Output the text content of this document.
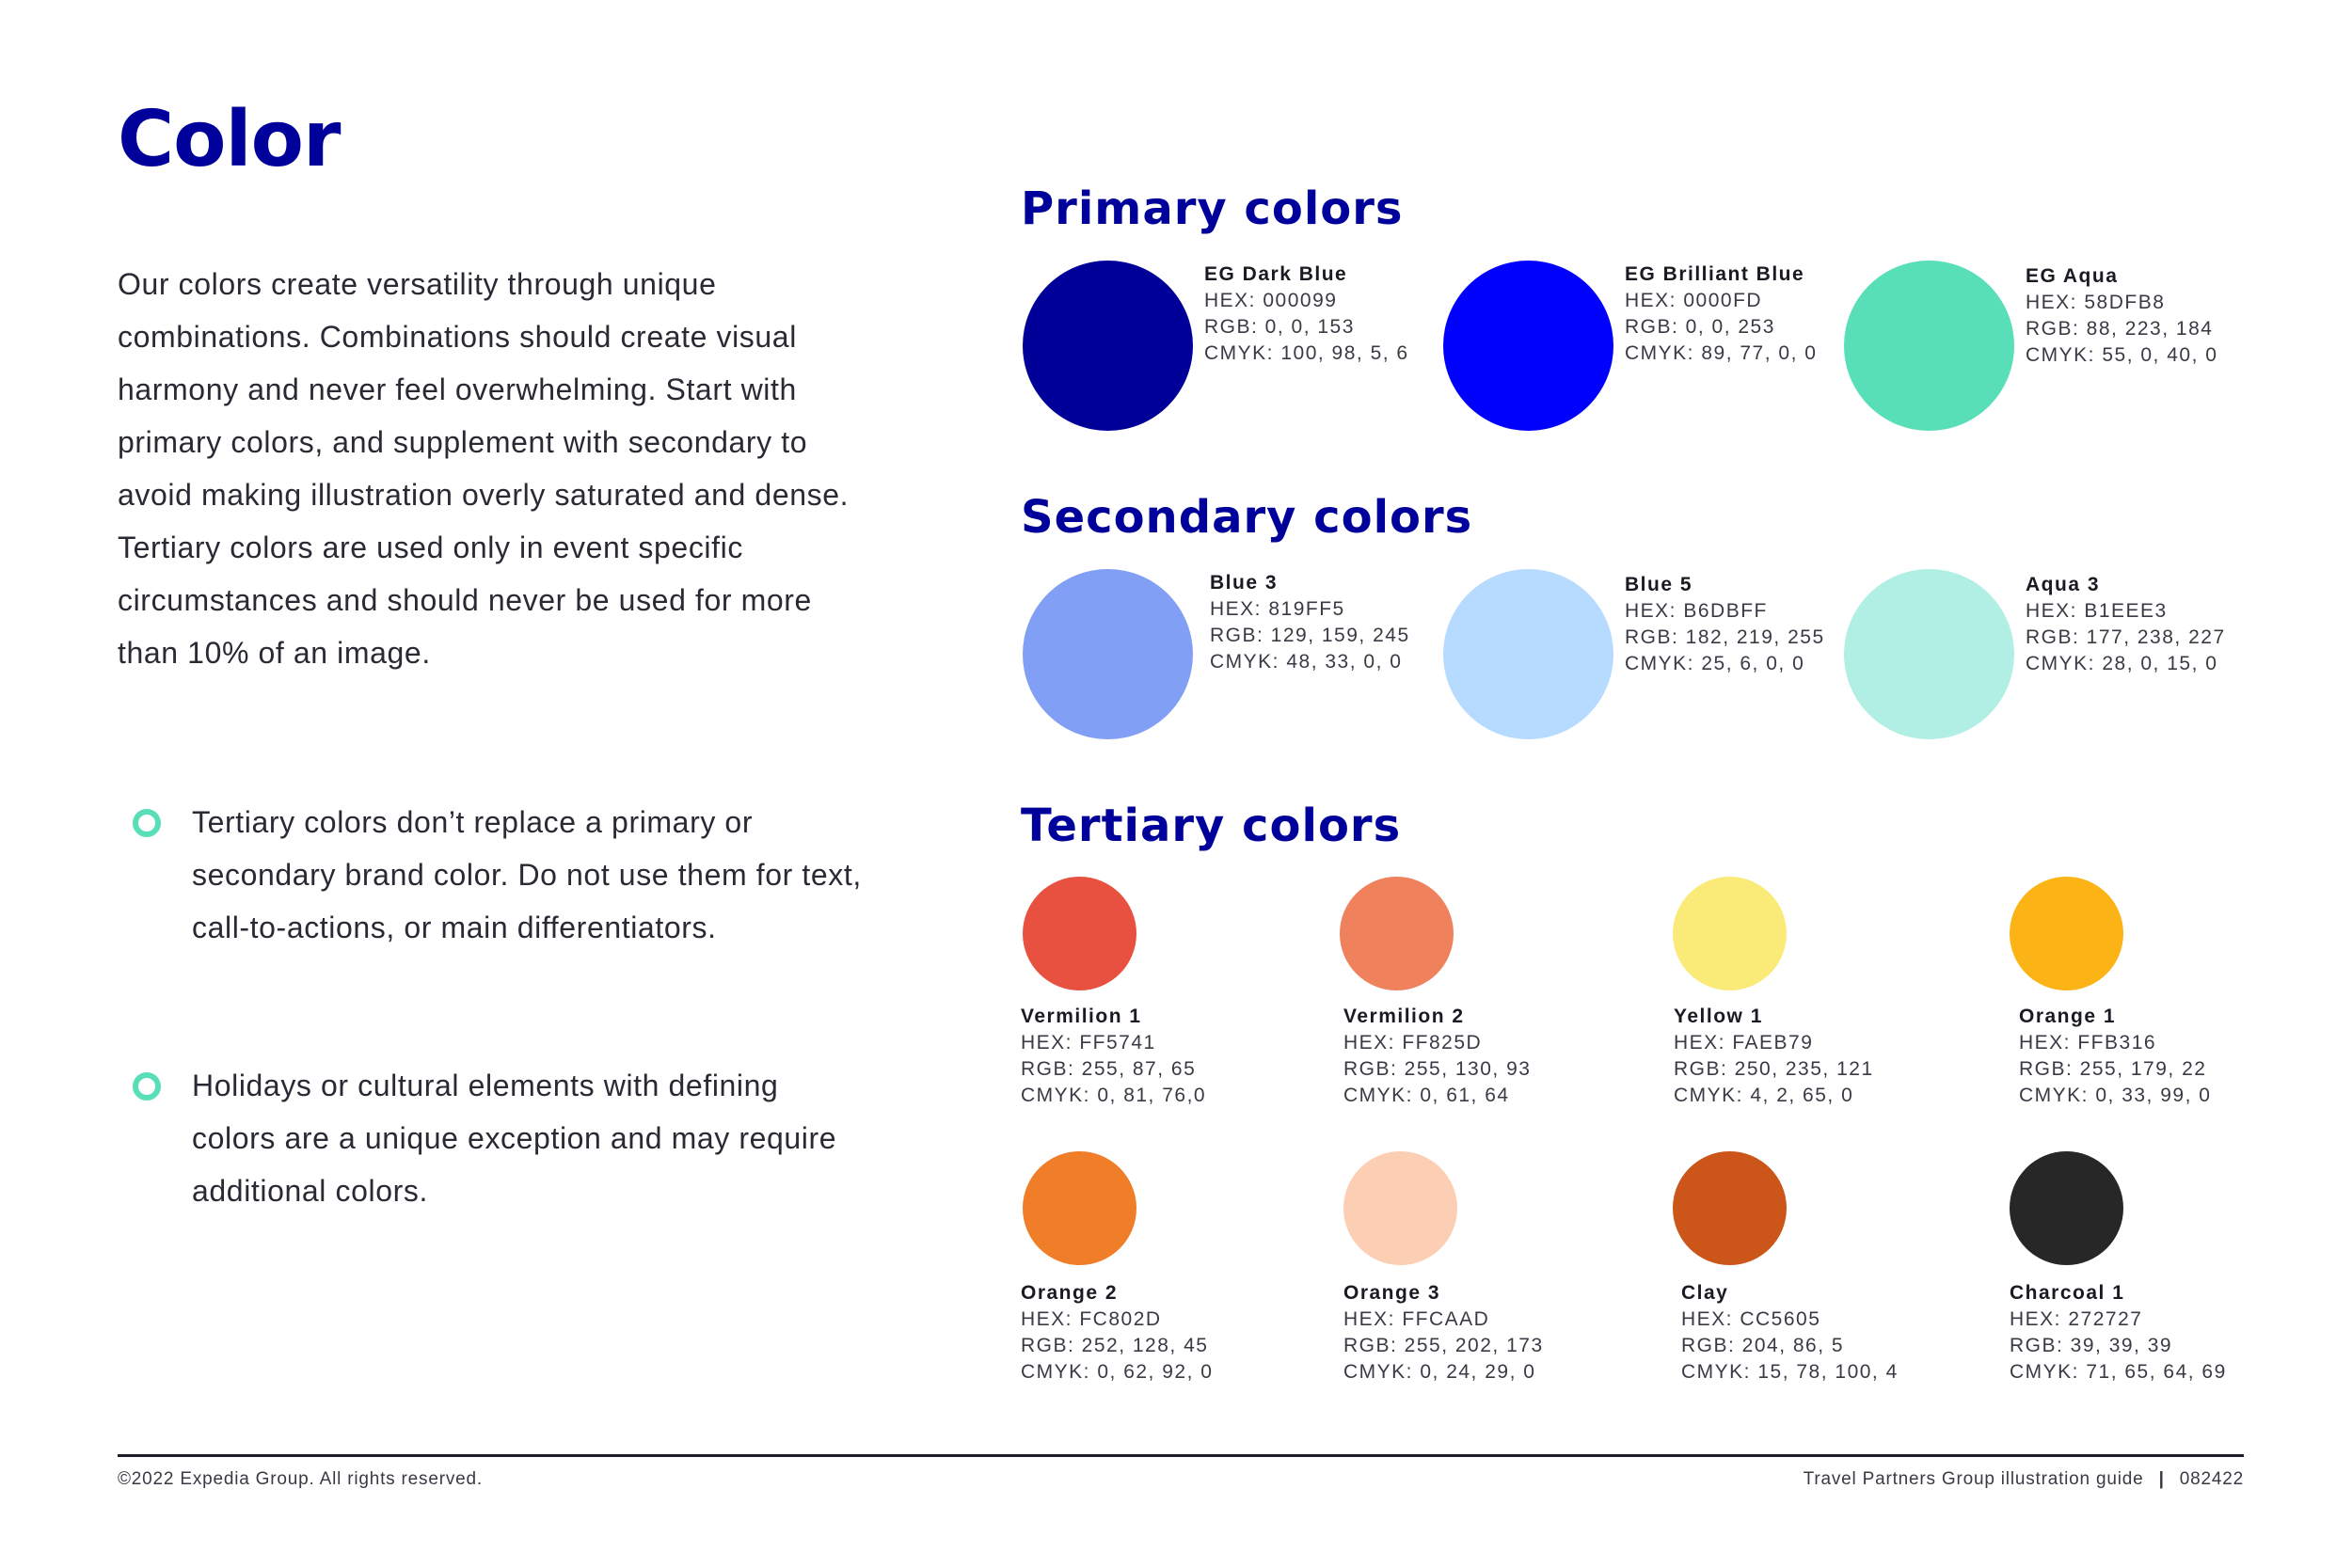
Color

Our colors create versatility through unique combinations. Combinations should create visual harmony and never feel overwhelming. Start with primary colors, and supplement with secondary to avoid making illustration overly saturated and dense. Tertiary colors are used only in event specific circumstances and should never be used for more than 10% of an image.

Tertiary colors don’t replace a primary or secondary brand color. Do not use them for text, call-to-actions, or main differentiators.
Holidays or cultural elements with defining colors are a unique exception and may require additional colors.
Primary colors
Secondary colors
Tertiary colors
EG Dark Blue
HEX: 000099
RGB: 0, 0, 153
CMYK: 100, 98, 5, 6
EG Brilliant Blue
HEX: 0000FD
RGB: 0, 0, 253
CMYK: 89, 77, 0, 0
EG Aqua
HEX: 58DFB8
RGB: 88, 223, 184
CMYK: 55, 0, 40, 0
Blue 3
HEX: 819FF5
RGB: 129, 159, 245
CMYK: 48, 33, 0, 0
Blue 5
HEX: B6DBFF
RGB: 182, 219, 255
CMYK: 25, 6, 0, 0
Aqua 3
HEX: B1EEE3
RGB: 177, 238, 227
CMYK: 28, 0, 15, 0
Vermilion 1
HEX: FF5741
RGB: 255, 87, 65
CMYK: 0, 81, 76,0
Vermilion 2
HEX: FF825D
RGB: 255, 130, 93
CMYK: 0, 61, 64
Yellow 1
HEX: FAEB79
RGB: 250, 235, 121
CMYK: 4, 2, 65, 0
Orange 1
HEX: FFB316
RGB: 255, 179, 22
CMYK: 0, 33, 99, 0
Orange 2
HEX: FC802D
RGB: 252, 128, 45
CMYK: 0, 62, 92, 0
Orange 3
HEX: FFCAAD
RGB: 255, 202, 173
CMYK: 0, 24, 29, 0
Clay
HEX: CC5605
RGB: 204, 86, 5
CMYK: 15, 78, 100, 4
Charcoal 1
HEX: 272727
RGB: 39, 39, 39
CMYK: 71, 65, 64, 69
©2022 Expedia Group. All rights reserved.	Travel Partners Group illustration guide | 082422
